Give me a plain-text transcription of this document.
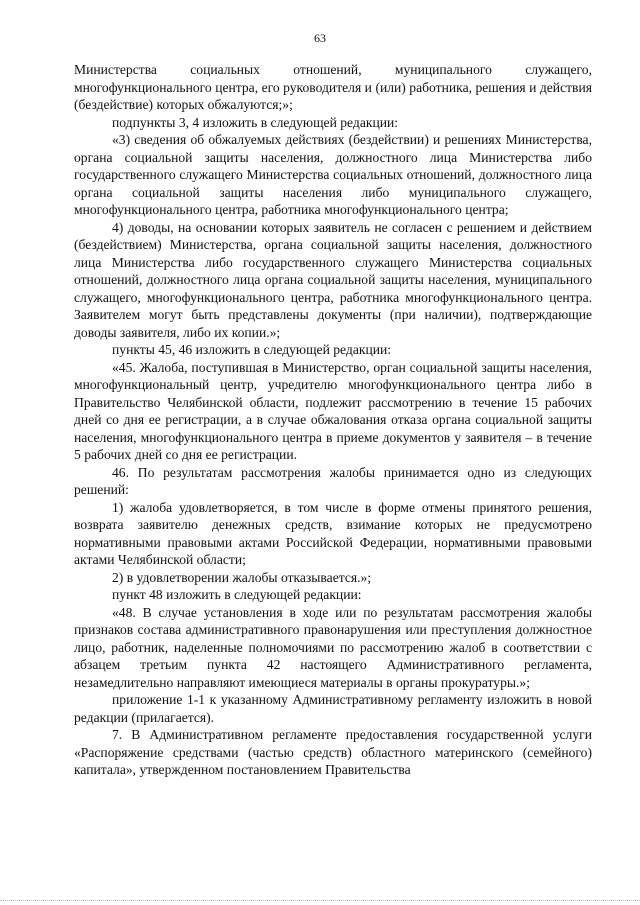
63

Министерства социальных отношений, муниципального служащего, многофункционального центра, его руководителя и (или) работника, решения и действия (бездействие) которых обжалуются;»;

подпункты 3, 4 изложить в следующей редакции:

«3) сведения об обжалуемых действиях (бездействии) и решениях Министерства, органа социальной защиты населения, должностного лица Министерства либо государственного служащего Министерства социальных отношений, должностного лица органа социальной защиты населения либо муниципального служащего, многофункционального центра, работника многофункционального центра;

4) доводы, на основании которых заявитель не согласен с решением и действием (бездействием) Министерства, органа социальной защиты населения, должностного лица Министерства либо государственного служащего Министерства социальных отношений, должностного лица органа социальной защиты населения, муниципального служащего, многофункционального центра, работника многофункционального центра. Заявителем могут быть представлены документы (при наличии), подтверждающие доводы заявителя, либо их копии.»;

пункты 45, 46 изложить в следующей редакции:

«45. Жалоба, поступившая в Министерство, орган социальной защиты населения, многофункциональный центр, учредителю многофункционального центра либо в Правительство Челябинской области, подлежит рассмотрению в течение 15 рабочих дней со дня ее регистрации, а в случае обжалования отказа органа социальной защиты населения, многофункционального центра в приеме документов у заявителя – в течение 5 рабочих дней со дня ее регистрации.

46. По результатам рассмотрения жалобы принимается одно из следующих решений:

1) жалоба удовлетворяется, в том числе в форме отмены принятого решения, возврата заявителю денежных средств, взимание которых не предусмотрено нормативными правовыми актами Российской Федерации, нормативными правовыми актами Челябинской области;

2) в удовлетворении жалобы отказывается.»;

пункт 48 изложить в следующей редакции:

«48. В случае установления в ходе или по результатам рассмотрения жалобы признаков состава административного правонарушения или преступления должностное лицо, работник, наделенные полномочиями по рассмотрению жалоб в соответствии с абзацем третьим пункта 42 настоящего Административного регламента, незамедлительно направляют имеющиеся материалы в органы прокуратуры.»;

приложение 1-1 к указанному Административному регламенту изложить в новой редакции (прилагается).

7. В Административном регламенте предоставления государственной услуги «Распоряжение средствами (частью средств) областного материнского (семейного) капитала», утвержденном постановлением Правительства
